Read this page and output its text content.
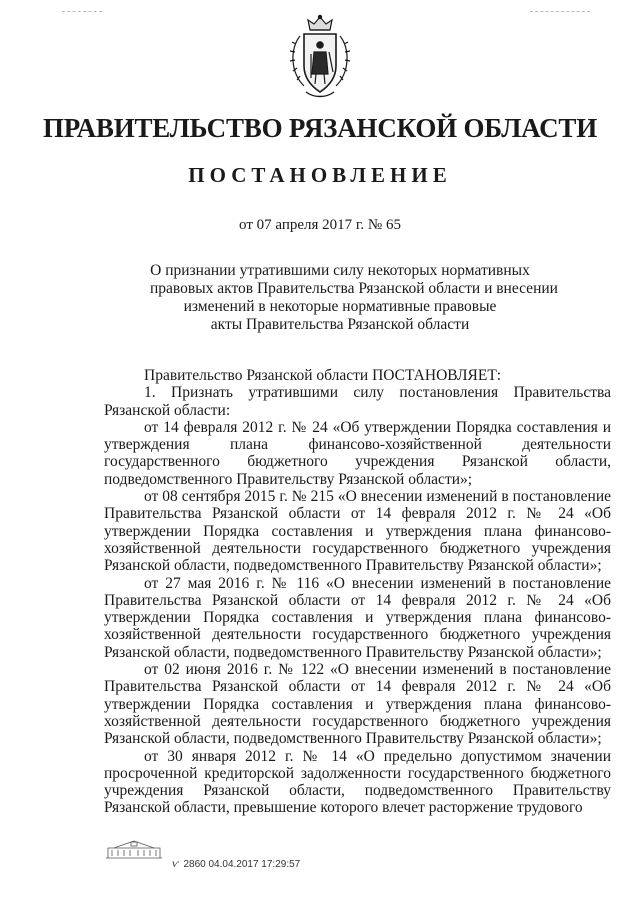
ПРАВИТЕЛЬСТВО РЯЗАНСКОЙ ОБЛАСТИ
ПОСТАНОВЛЕНИЕ
от 07 апреля 2017 г. № 65
О признании утратившими силу некоторых нормативных
правовых актов Правительства Рязанской области и внесении
изменений в некоторые нормативные правовые
акты Правительства Рязанской области

Правительство Рязанской области ПОСТАНОВЛЯЕТ:

1. Признать утратившими силу постановления Правительства Рязанской области:

от 14 февраля 2012 г. № 24 «Об утверждении Порядка составления и утверждения плана финансово-хозяйственной деятельности государственного бюджетного учреждения Рязанской области, подведомственного Правительству Рязанской области»;

от 08 сентября 2015 г. № 215 «О внесении изменений в постановление Правительства Рязанской области от 14 февраля 2012 г. № 24 «Об утверждении Порядка составления и утверждения плана финансово-хозяйственной деятельности государственного бюджетного учреждения Рязанской области, подведомственного Правительству Рязанской области»;

от 27 мая 2016 г. № 116 «О внесении изменений в постановление Правительства Рязанской области от 14 февраля 2012 г. № 24 «Об утверждении Порядка составления и утверждения плана финансово-хозяйственной деятельности государственного бюджетного учреждения Рязанской области, подведомственного Правительству Рязанской области»;

от 02 июня 2016 г. № 122 «О внесении изменений в постановление Правительства Рязанской области от 14 февраля 2012 г. № 24 «Об утверждении Порядка составления и утверждения плана финансово-хозяйственной деятельности государственного бюджетного учреждения Рязанской области, подведомственного Правительству Рязанской области»;

от 30 января 2012 г. № 14 «О предельно допустимом значении просроченной кредиторской задолженности государственного бюджетного учреждения Рязанской области, подведомственного Правительству Рязанской области, превышение которого влечет расторжение трудового

ѵ 2860 04.04.2017 17:29:57
